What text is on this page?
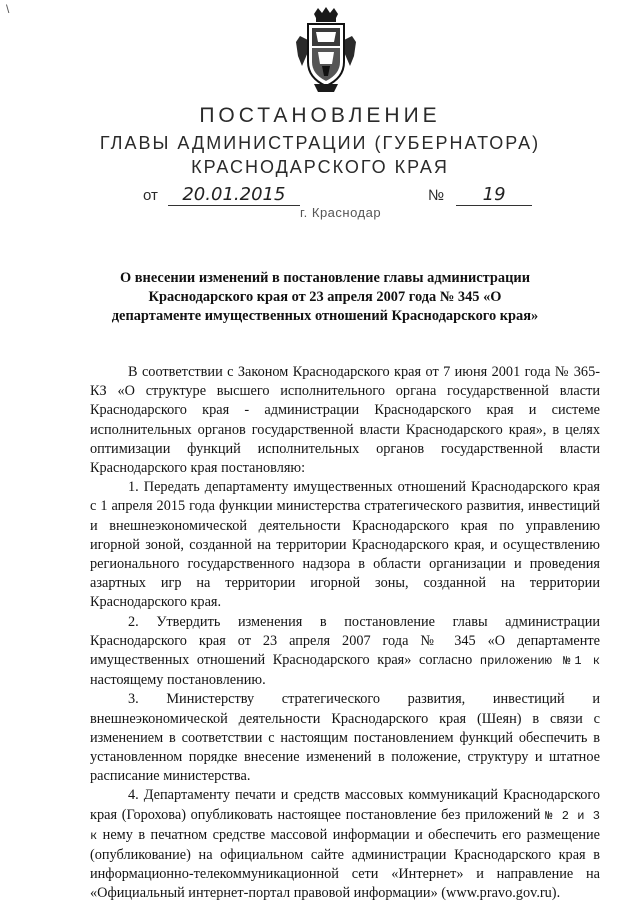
\
ПОСТАНОВЛЕНИЕ
ГЛАВЫ АДМИНИСТРАЦИИ (ГУБЕРНАТОРА)
КРАСНОДАРСКОГО КРАЯ
от 20.01.2015	№ 19
г. Краснодар
О внесении изменений в постановление главы администрации Краснодарского края от 23 апреля 2007 года № 345 «О департаменте имущественных отношений Краснодарского края»

В соответствии с Законом Краснодарского края от 7 июня 2001 года № 365-КЗ «О структуре высшего исполнительного органа государственной власти Краснодарского края - администрации Краснодарского края и системе исполнительных органов государственной власти Краснодарского края», в целях оптимизации функций исполнительных органов государственной власти Краснодарского края постановляю:

1. Передать департаменту имущественных отношений Краснодарского края с 1 апреля 2015 года функции министерства стратегического развития, инвестиций и внешнеэкономической деятельности Краснодарского края по управлению игорной зоной, созданной на территории Краснодарского края, и осуществлению регионального государственного надзора в области организации и проведения азартных игр на территории игорной зоны, созданной на территории Краснодарского края.

2. Утвердить изменения в постановление главы администрации Краснодарского края от 23 апреля 2007 года № 345 «О департаменте имущественных отношений Краснодарского края» согласно приложению №1 к настоящему постановлению.

3. Министерству стратегического развития, инвестиций и внешнеэкономической деятельности Краснодарского края (Шеян) в связи с изменением в соответствии с настоящим постановлением функций обеспечить в установленном порядке внесение изменений в положение, структуру и штатное расписание министерства.

4. Департаменту печати и средств массовых коммуникаций Краснодарского края (Горохова) опубликовать настоящее постановление без приложений № 2 и 3 к нему в печатном средстве массовой информации и обеспечить его размещение (опубликование) на официальном сайте администрации Краснодарского края в информационно-телекоммуникационной сети «Интернет» и направление на «Официальный интернет-портал правовой информации» (www.pravo.gov.ru).
